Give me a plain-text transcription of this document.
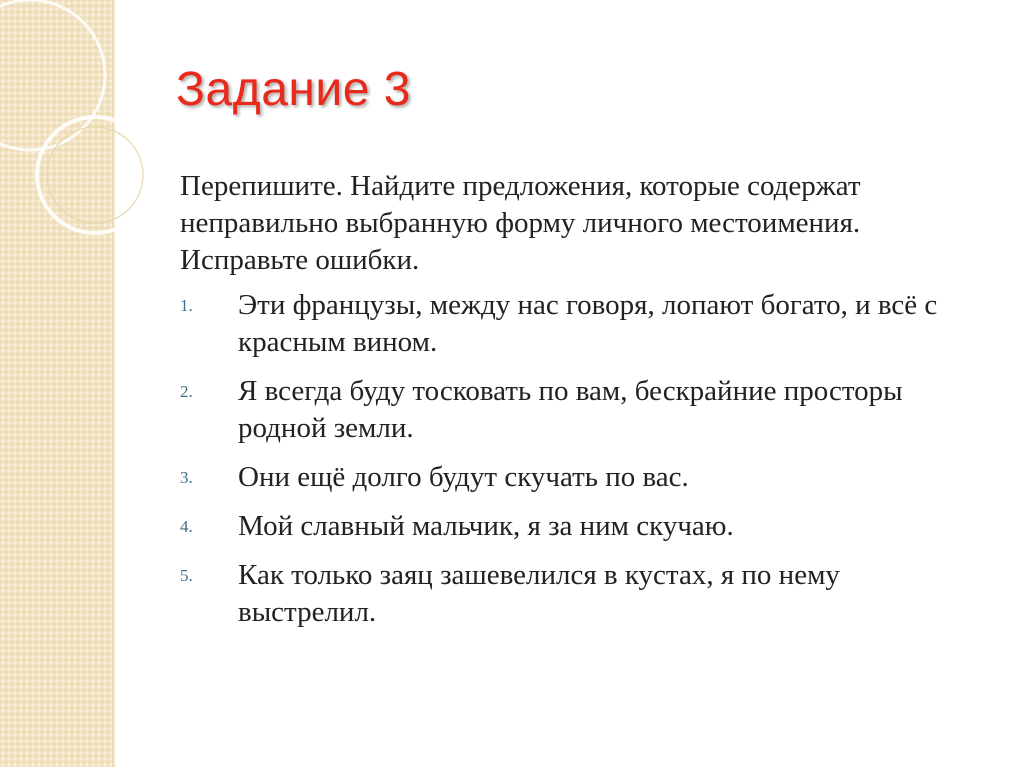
Задание 3

Перепишите. Найдите предложения, которые содержат неправильно выбранную форму личного местоимения. Исправьте ошибки.

1.	Эти французы, между нас говоря, лопают богато, и всё с красным вином.
2.	Я всегда буду тосковать по вам, бескрайние просторы родной земли.
3.	Они ещё долго будут скучать по вас.
4.	Мой славный мальчик, я за ним скучаю.
5.	Как только заяц зашевелился в кустах, я по нему выстрелил.
